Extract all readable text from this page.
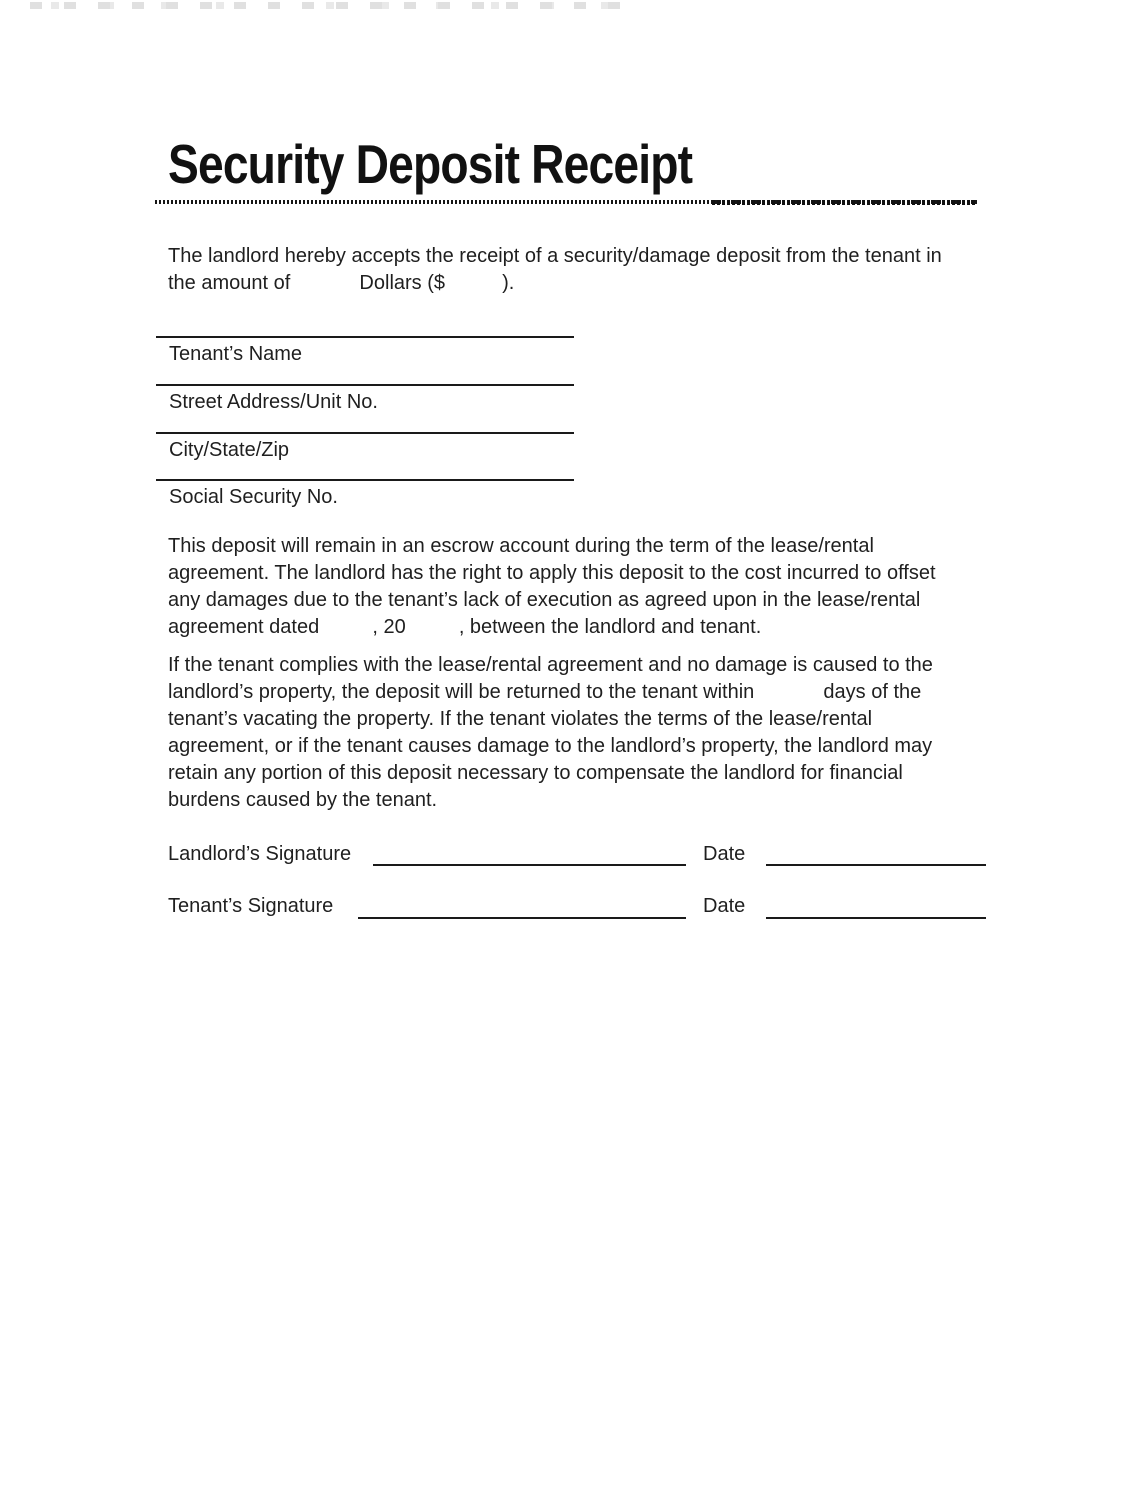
Security Deposit Receipt
The landlord hereby accepts the receipt of a security/damage deposit from the tenant in
the amount of	Dollars ($  ).
Tenant’s Name
Street Address/Unit No.
City/State/Zip
Social Security No.
This deposit will remain in an escrow account during the term of the lease/rental
agreement. The landlord has the right to apply this deposit to the cost incurred to offset
any damages due to the tenant’s lack of execution as agreed upon in the lease/rental
agreement dated  , 20  , between the landlord and tenant.
If the tenant complies with the lease/rental agreement and no damage is caused to the
landlord’s property, the deposit will be returned to the tenant within	days of the
tenant’s vacating the property. If the tenant violates the terms of the lease/rental
agreement, or if the tenant causes damage to the landlord’s property, the landlord may
retain any portion of this deposit necessary to compensate the landlord for financial
burdens caused by the tenant.
Landlord’s Signature	Date
Tenant’s Signature	Date
